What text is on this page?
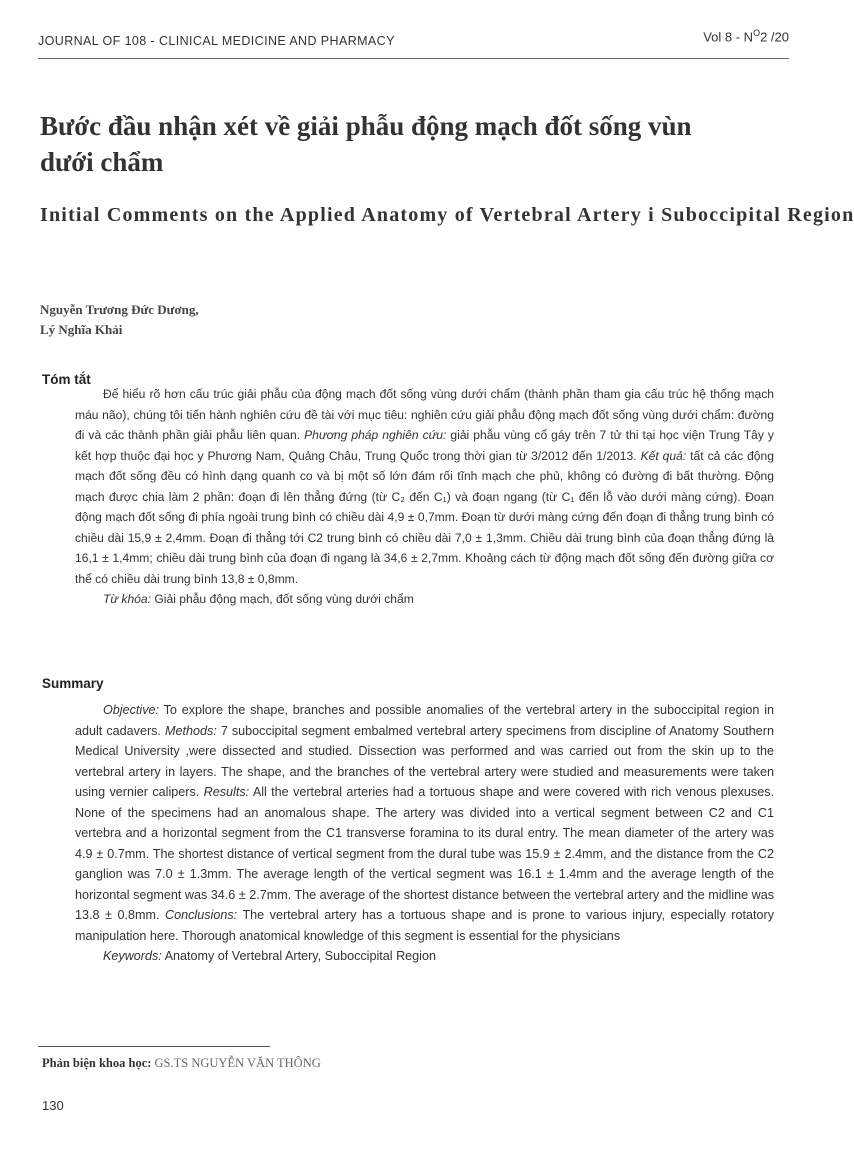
JOURNAL OF 108 - CLINICAL MEDICINE AND PHARMACY	Vol $8 - N^O2$ /20
Bước đầu nhận xét về giải phẫu động mạch đốt sống vùn
dưới chẩm
Initial Comments on the Applied Anatomy of Vertebral Artery i Suboccipital Region
Nguyễn Trương Đức Dương,
Lý Nghĩa Khải
Tóm tắt

Để hiểu rõ hơn cấu trúc giải phẫu của động mạch đốt sống vùng dưới chẩm (thành phần tham gia cấu trúc hệ thống mạch máu não), chúng tôi tiến hành nghiên cứu đề tài với mục tiêu: nghiên cứu giải phẫu động mạch đốt sống vùng dưới chẩm: đường đi và các thành phần giải phẫu liên quan. Phương pháp nghiên cứu: giải phẫu vùng cổ gáy trên 7 tử thi tại học viện Trung Tây y kết hợp thuộc đại học y Phương Nam, Quảng Châu, Trung Quốc trong thời gian từ 3/2012 đến 1/2013. Kết quả: tất cả các động mạch đốt sống đều có hình dạng quanh co và bị một số lớn đám rối tĩnh mạch che phủ, không có đường đi bất thường. Động mạch được chia làm 2 phần: đoạn đi lên thẳng đứng (từ C₂ đến C₁) và đoạn ngang (từ C₁ đến lỗ vào dưới màng cứng). Đoạn động mạch đốt sống đi phía ngoài trung bình có chiều dài 4,9 ± 0,7mm. Đoạn từ dưới màng cứng đến đoạn đi thẳng trung bình có chiều dài 15,9 ± 2,4mm. Đoạn đi thẳng tới C2 trung bình có chiều dài 7,0 ± 1,3mm. Chiều dài trung bình của đoạn thẳng đứng là 16,1 ± 1,4mm; chiều dài trung bình của đoạn đi ngang là 34,6 ± 2,7mm. Khoảng cách từ động mạch đốt sống đến đường giữa cơ thể có chiều dài trung bình 13,8 ± 0,8mm.

Từ khóa: Giải phẫu động mạch, đốt sống vùng dưới chẩm

Summary

Objective: To explore the shape, branches and possible anomalies of the vertebral artery in the suboccipital region in adult cadavers. Methods: 7 suboccipital segment embalmed vertebral artery specimens from discipline of Anatomy Southern Medical University ,were dissected and studied. Dissection was performed and was carried out from the skin up to the vertebral artery in layers. The shape, and the branches of the vertebral artery were studied and measurements were taken using vernier calipers. Results: All the vertebral arteries had a tortuous shape and were covered with rich venous plexuses. None of the specimens had an anomalous shape. The artery was divided into a vertical segment between C2 and C1 vertebra and a horizontal segment from the C1 transverse foramina to its dural entry. The mean diameter of the artery was 4.9 ± 0.7mm. The shortest distance of vertical segment from the dural tube was 15.9 ± 2.4mm, and the distance from the C2 ganglion was 7.0 ± 1.3mm. The average length of the vertical segment was 16.1 ± 1.4mm and the average length of the horizontal segment was 34.6 ± 2.7mm. The average of the shortest distance between the vertebral artery and the midline was 13.8 ± 0.8mm. Conclusions: The vertebral artery has a tortuous shape and is prone to various injury, especially rotatory manipulation here. Thorough anatomical knowledge of this segment is essential for the physicians

Keywords: Anatomy of Vertebral Artery, Suboccipital Region

Phản biện khoa học: GS.TS NGUYỄN VĂN THÔNG
130
